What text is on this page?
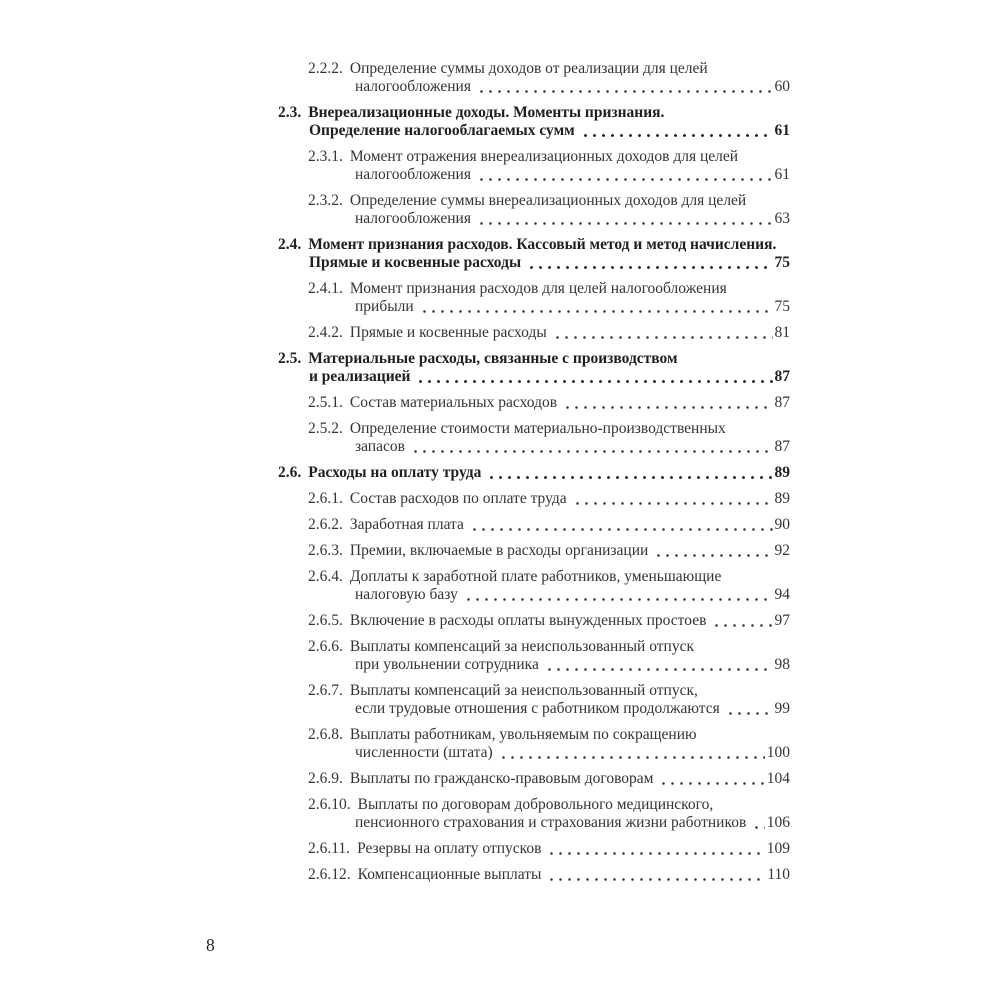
2.2.2. Определение суммы доходов от реализации для целей
налогообложения	60
2.3. Внереализационные доходы. Моменты признания.
Определение налогооблагаемых сумм	61
2.3.1. Момент отражения внереализационных доходов для целей
налогообложения	61
2.3.2. Определение суммы внереализационных доходов для целей
налогообложения	63
2.4. Момент признания расходов. Кассовый метод и метод начисления.
Прямые и косвенные расходы	75
2.4.1. Момент признания расходов для целей налогообложения
прибыли	75
2.4.2. Прямые и косвенные расходы	81
2.5. Материальные расходы, связанные с производством
и реализацией	87
2.5.1. Состав материальных расходов	87
2.5.2. Определение стоимости материально-производственных
запасов	87
2.6. Расходы на оплату труда	89
2.6.1. Состав расходов по оплате труда	89
2.6.2. Заработная плата	90
2.6.3. Премии, включаемые в расходы организации	92
2.6.4. Доплаты к заработной плате работников, уменьшающие
налоговую базу	94
2.6.5. Включение в расходы оплаты вынужденных простоев	97
2.6.6. Выплаты компенсаций за неиспользованный отпуск
при увольнении сотрудника	98
2.6.7. Выплаты компенсаций за неиспользованный отпуск,
если трудовые отношения с работником продолжаются	99
2.6.8. Выплаты работникам, увольняемым по сокращению
численности (штата)	100
2.6.9. Выплаты по гражданско-правовым договорам	104
2.6.10. Выплаты по договорам добровольного медицинского,
пенсионного страхования и страхования жизни работников 106
2.6.11. Резервы на оплату отпусков	109
2.6.12. Компенсационные выплаты	110
8
